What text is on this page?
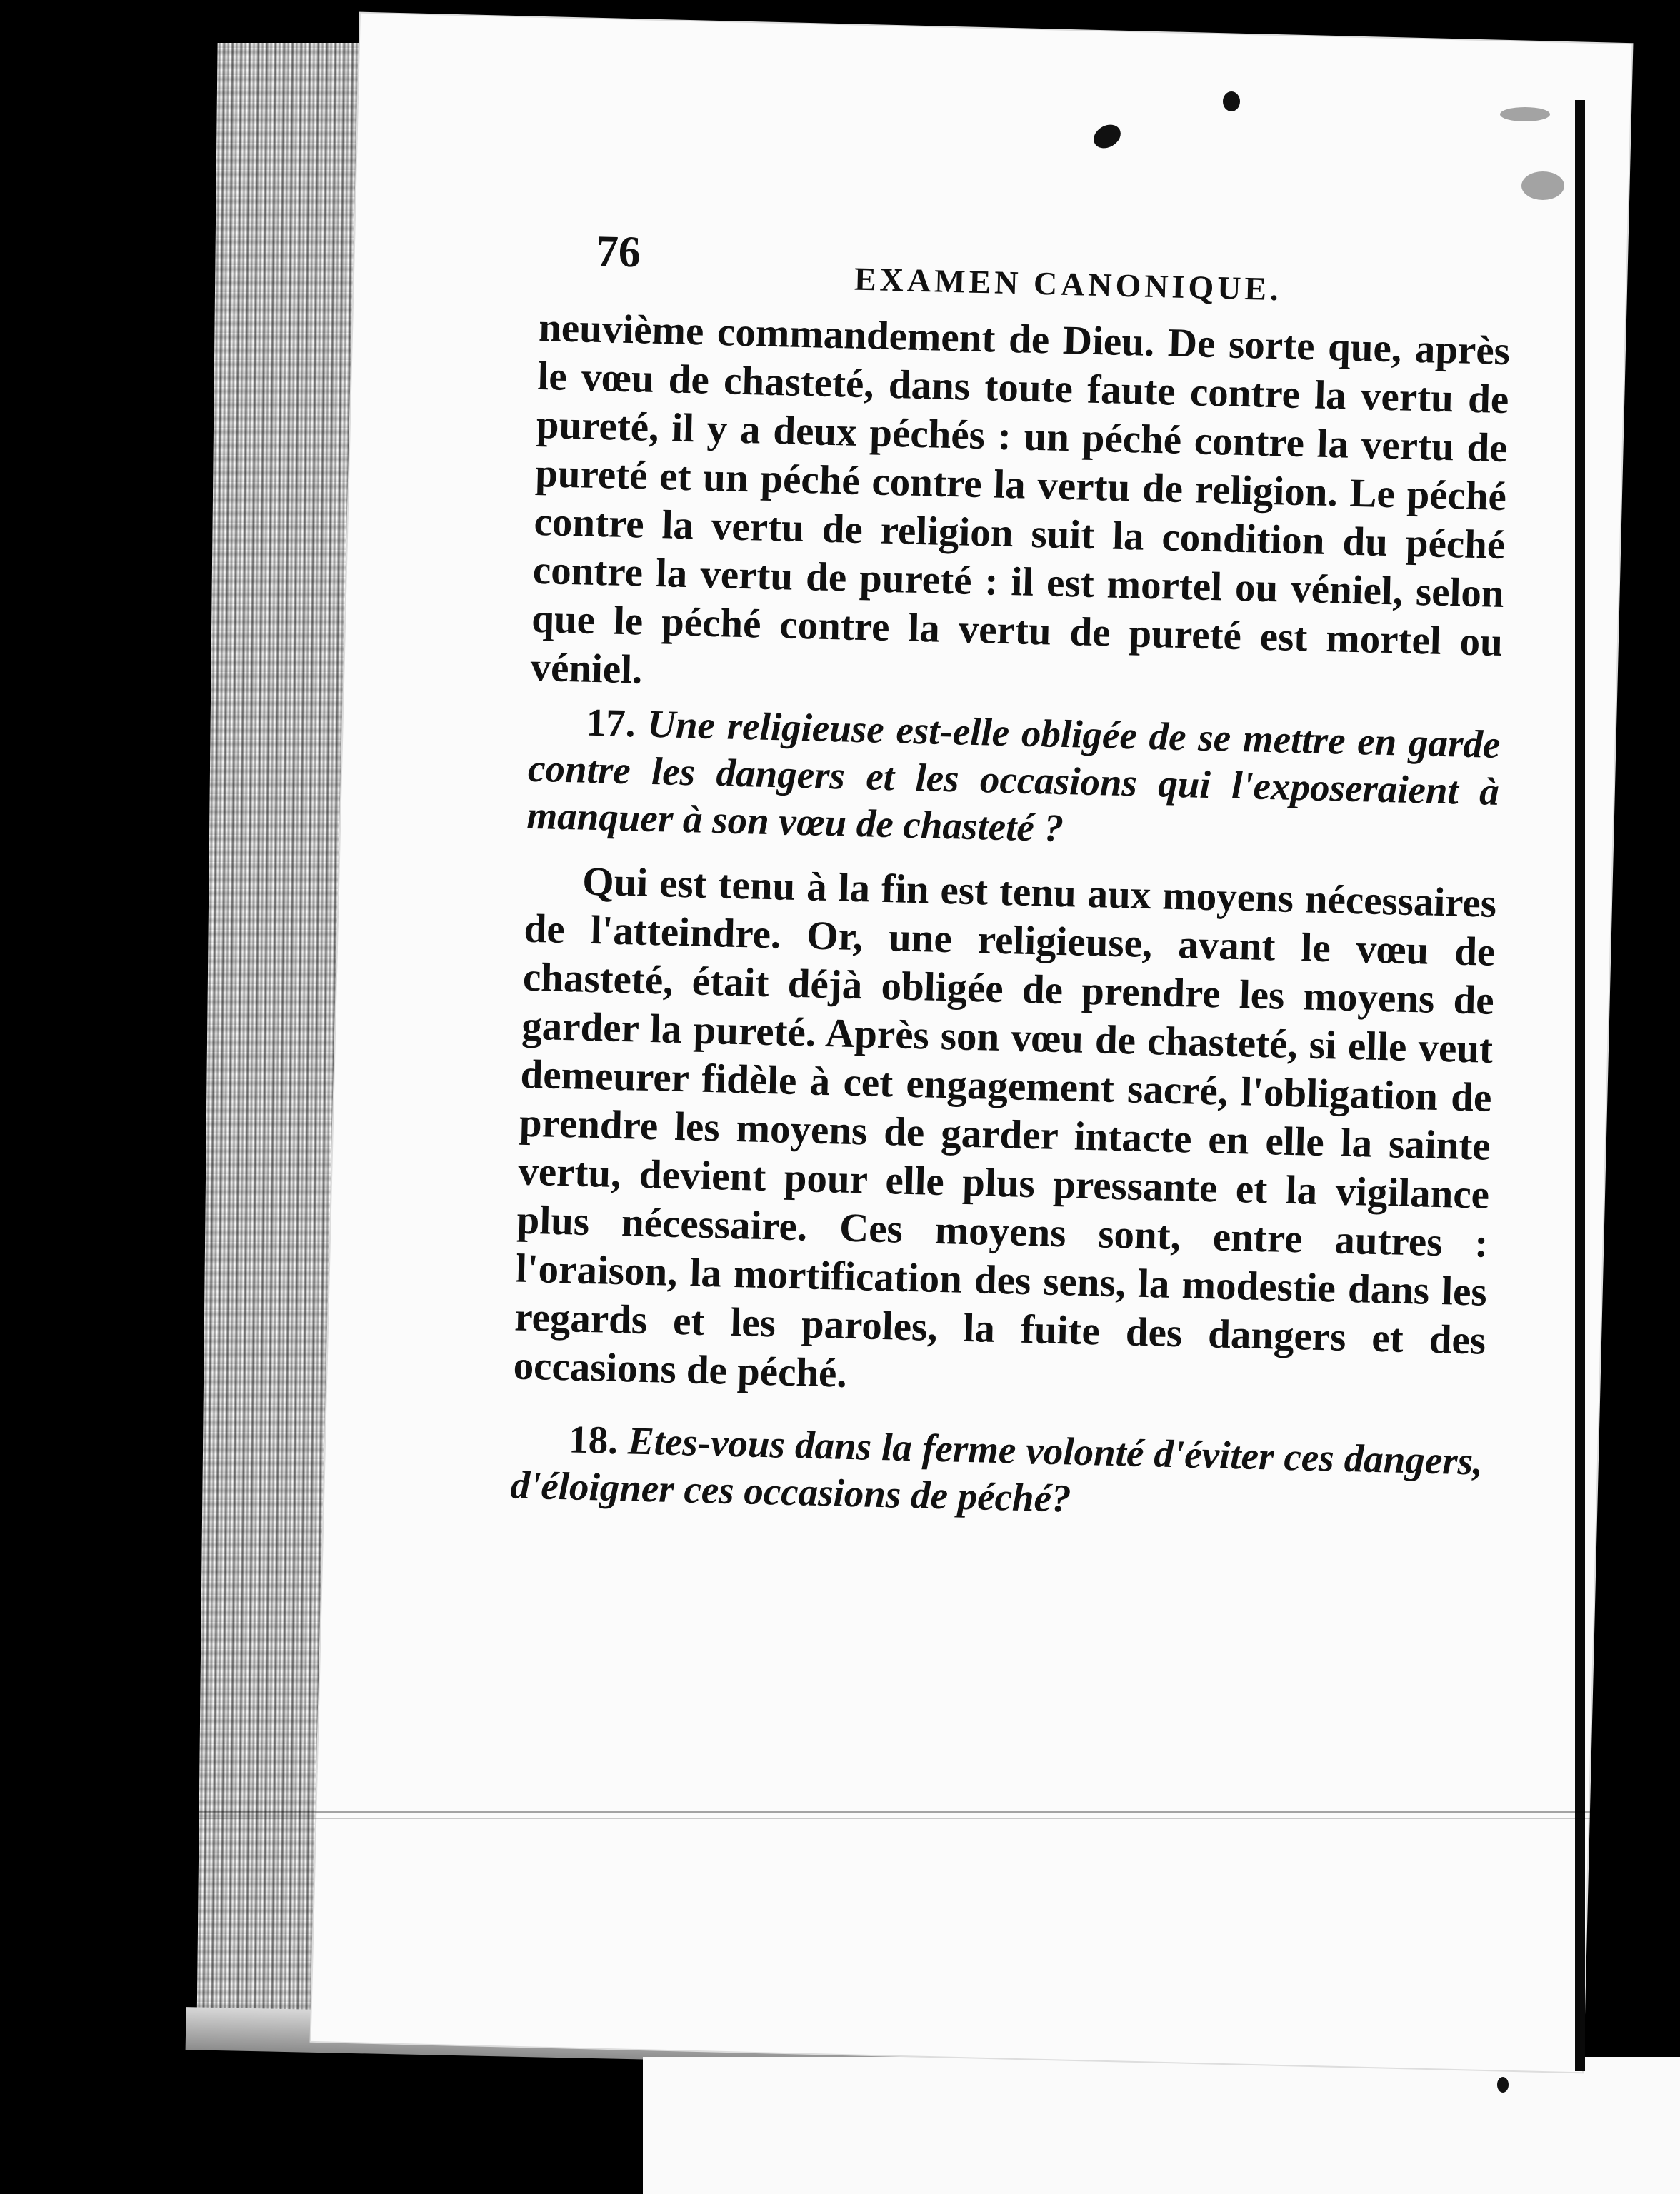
76
EXAMEN CANONIQUE.

neuvième commandement de Dieu. De sorte que, après le vœu de chasteté, dans toute faute contre la vertu de pureté, il y a deux péchés : un péché contre la vertu de pureté et un péché contre la vertu de religion. Le péché contre la vertu de religion suit la condition du péché contre la vertu de pureté : il est mortel ou véniel, selon que le péché contre la vertu de pureté est mortel ou véniel.

17. Une religieuse est-elle obligée de se mettre en garde contre les dangers et les occasions qui l'exposeraient à manquer à son vœu de chasteté ?

Qui est tenu à la fin est tenu aux moyens nécessaires de l'atteindre. Or, une religieuse, avant le vœu de chasteté, était déjà obligée de prendre les moyens de garder la pureté. Après son vœu de chasteté, si elle veut demeurer fidèle à cet engagement sacré, l'obligation de prendre les moyens de garder intacte en elle la sainte vertu, devient pour elle plus pressante et la vigilance plus nécessaire. Ces moyens sont, entre autres : l'oraison, la mortification des sens, la modestie dans les regards et les paroles, la fuite des dangers et des occasions de péché.

18. Etes-vous dans la ferme volonté d'éviter ces dangers, d'éloigner ces occasions de péché?
